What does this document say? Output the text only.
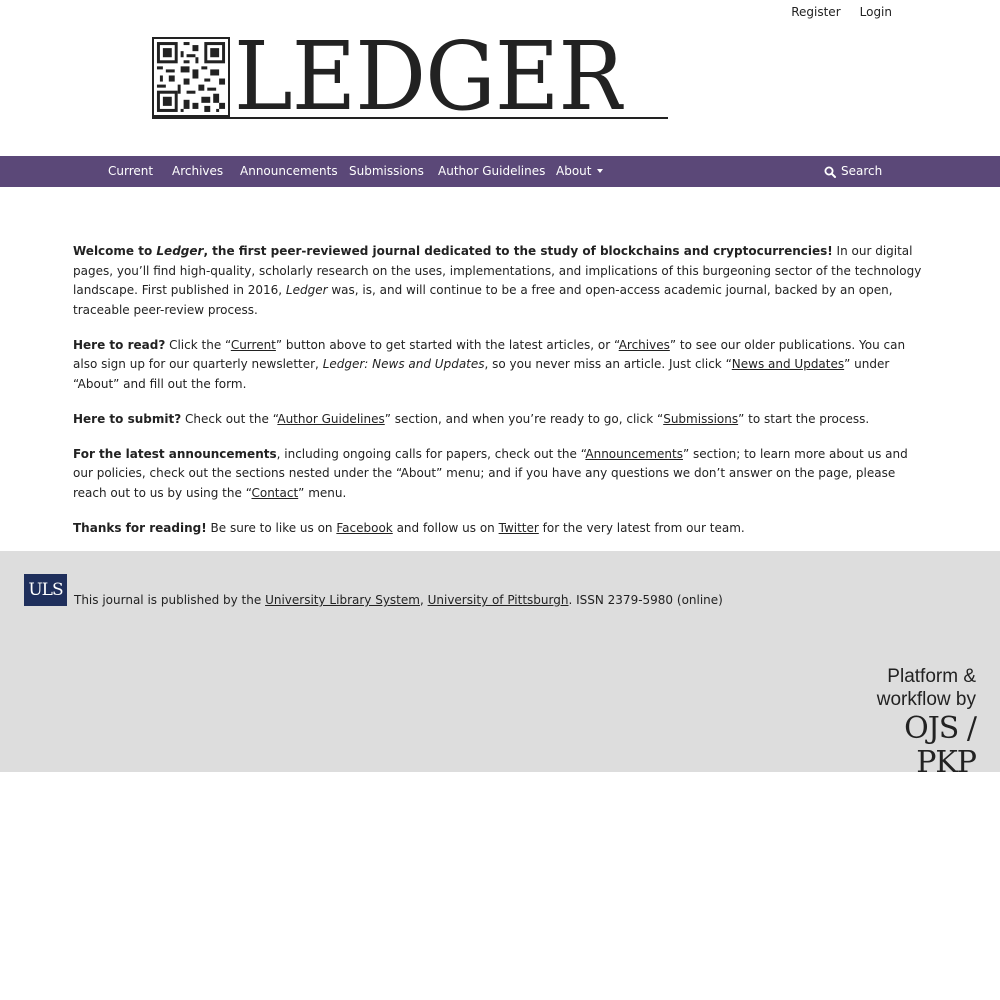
Register Login
LEDGER
Current Archives Announcements Submissions Author Guidelines About	Search

Welcome to Ledger, the first peer-reviewed journal dedicated to the study of blockchains and cryptocurrencies! In our digital pages, you’ll find high-quality, scholarly research on the uses, implementations, and implications of this burgeoning sector of the technology landscape. First published in 2016, Ledger was, is, and will continue to be a free and open-access academic journal, backed by an open, traceable peer-review process.

Here to read? Click the “Current” button above to get started with the latest articles, or “Archives” to see our older publications. You can also sign up for our quarterly newsletter, Ledger: News and Updates, so you never miss an article. Just click “News and Updates” under “About” and fill out the form.

Here to submit? Check out the “Author Guidelines” section, and when you’re ready to go, click “Submissions” to start the process.

For the latest announcements, including ongoing calls for papers, check out the “Announcements” section; to learn more about us and our policies, check out the sections nested under the “About” menu; and if you have any questions we don’t answer on the page, please reach out to us by using the “Contact” menu.

Thanks for reading! Be sure to like us on Facebook and follow us on Twitter for the very latest from our team.

ULS This journal is published by the University Library System, University of Pittsburgh. ISSN 2379-5980 (online)
Platform &
workflow by
OJS / PKP
